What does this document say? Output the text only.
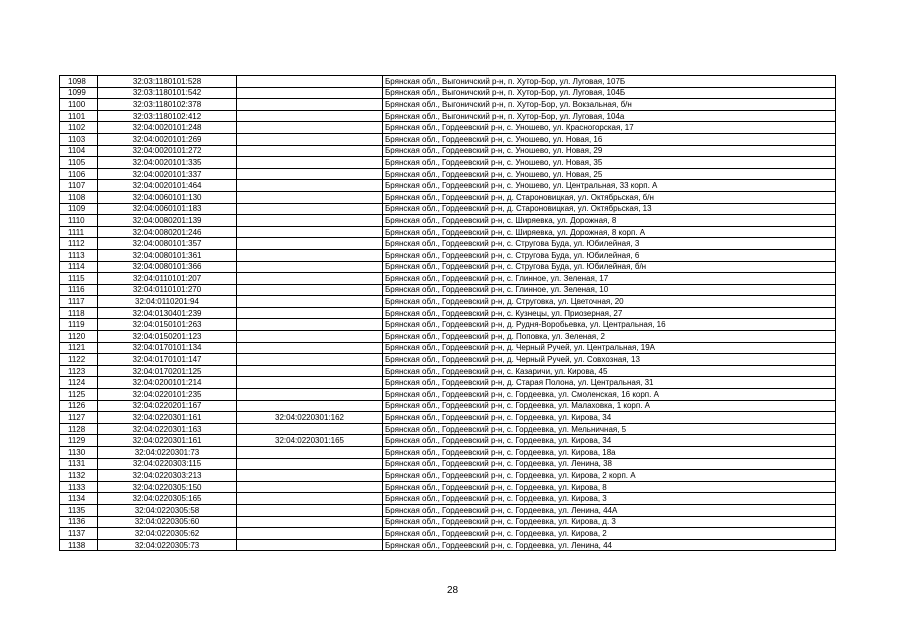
1098	32:03:1180101:528		Брянская обл., Выгоничский р-н, п. Хутор-Бор, ул. Луговая, 107Б
1099	32:03:1180101:542		Брянская обл., Выгоничский р-н, п. Хутор-Бор, ул. Луговая, 104Б
1100	32:03:1180102:378		Брянская обл., Выгоничский р-н, п. Хутор-Бор, ул. Вокзальная, б/н
1101	32:03:1180102:412		Брянская обл., Выгоничский р-н, п. Хутор-Бор, ул. Луговая, 104а
1102	32:04:0020101:248		Брянская обл., Гордеевский р-н, с. Уношево, ул. Красногорская, 17
1103	32:04:0020101:269		Брянская обл., Гордеевский р-н, с. Уношево, ул. Новая, 16
1104	32:04:0020101:272		Брянская обл., Гордеевский р-н, с. Уношево, ул. Новая, 29
1105	32:04:0020101:335		Брянская обл., Гордеевский р-н, с. Уношево, ул. Новая, 35
1106	32:04:0020101:337		Брянская обл., Гордеевский р-н, с. Уношево, ул. Новая, 25
1107	32:04:0020101:464		Брянская обл., Гордеевский р-н, с. Уношево, ул. Центральная, 33 корп. А
1108	32:04:0060101:130		Брянская обл., Гордеевский р-н, д. Староновицкая, ул. Октябрьская, б/н
1109	32:04:0060101:183		Брянская обл., Гордеевский р-н, д. Староновицкая, ул. Октябрьская, 13
1110	32:04:0080201:139		Брянская обл., Гордеевский р-н, с. Ширяевка, ул. Дорожная, 8
1111	32:04:0080201:246		Брянская обл., Гордеевский р-н, с. Ширяевка, ул. Дорожная, 8 корп. А
1112	32:04:0080101:357		Брянская обл., Гордеевский р-н, с. Стругова Буда, ул. Юбилейная, 3
1113	32:04:0080101:361		Брянская обл., Гордеевский р-н, с. Стругова Буда, ул. Юбилейная, 6
1114	32:04:0080101:366		Брянская обл., Гордеевский р-н, с. Стругова Буда, ул. Юбилейная, б/н
1115	32:04:0110101:207		Брянская обл., Гордеевский р-н, с. Глинное, ул. Зеленая, 17
1116	32:04:0110101:270		Брянская обл., Гордеевский р-н, с. Глинное, ул. Зеленая, 10
1117	32:04:0110201:94		Брянская обл., Гордеевский р-н, д. Струговка, ул. Цветочная, 20
1118	32:04:0130401:239		Брянская обл., Гордеевский р-н, с. Кузнецы, ул. Приозерная, 27
1119	32:04:0150101:263		Брянская обл., Гордеевский р-н, д. Рудня-Воробьевка, ул. Центральная, 16
1120	32:04:0150201:123		Брянская обл., Гордеевский р-н, д. Поповка, ул. Зеленая, 2
1121	32:04:0170101:134		Брянская обл., Гордеевский р-н, д. Черный Ручей, ул. Центральная, 19А
1122	32:04:0170101:147		Брянская обл., Гордеевский р-н, д. Черный Ручей, ул. Совхозная, 13
1123	32:04:0170201:125		Брянская обл., Гордеевский р-н, с. Казаричи, ул. Кирова, 45
1124	32:04:0200101:214		Брянская обл., Гордеевский р-н, д. Старая Полона, ул. Центральная, 31
1125	32:04:0220101:235		Брянская обл., Гордеевский р-н, с. Гордеевка, ул. Смоленская, 16 корп. А
1126	32:04:0220201:167		Брянская обл., Гордеевский р-н, с. Гордеевка, ул. Малаховка, 1 корп. А
1127	32:04:0220301:161	32:04:0220301:162	Брянская обл., Гордеевский р-н, с. Гордеевка, ул. Кирова, 34
1128	32:04:0220301:163		Брянская обл., Гордеевский р-н, с. Гордеевка, ул. Мельничная, 5
1129	32:04:0220301:161	32:04:0220301:165	Брянская обл., Гордеевский р-н, с. Гордеевка, ул. Кирова, 34
1130	32:04:0220301:73		Брянская обл., Гордеевский р-н, с. Гордеевка, ул. Кирова, 18а
1131	32:04:0220303:115		Брянская обл., Гордеевский р-н, с. Гордеевка, ул. Ленина, 38
1132	32:04:0220303:213		Брянская обл., Гордеевский р-н, с. Гордеевка, ул. Кирова, 2 корп. А
1133	32:04:0220305:150		Брянская обл., Гордеевский р-н, с. Гордеевка, ул. Кирова, 8
1134	32:04:0220305:165		Брянская обл., Гордеевский р-н, с. Гордеевка, ул. Кирова, 3
1135	32:04:0220305:58		Брянская обл., Гордеевский р-н, с. Гордеевка, ул. Ленина, 44А
1136	32:04:0220305:60		Брянская обл., Гордеевский р-н, с. Гордеевка, ул. Кирова, д. 3
1137	32:04:0220305:62		Брянская обл., Гордеевский р-н, с. Гордеевка, ул. Кирова, 2
1138	32:04:0220305:73		Брянская обл., Гордеевский р-н, с. Гордеевка, ул. Ленина, 44
28
